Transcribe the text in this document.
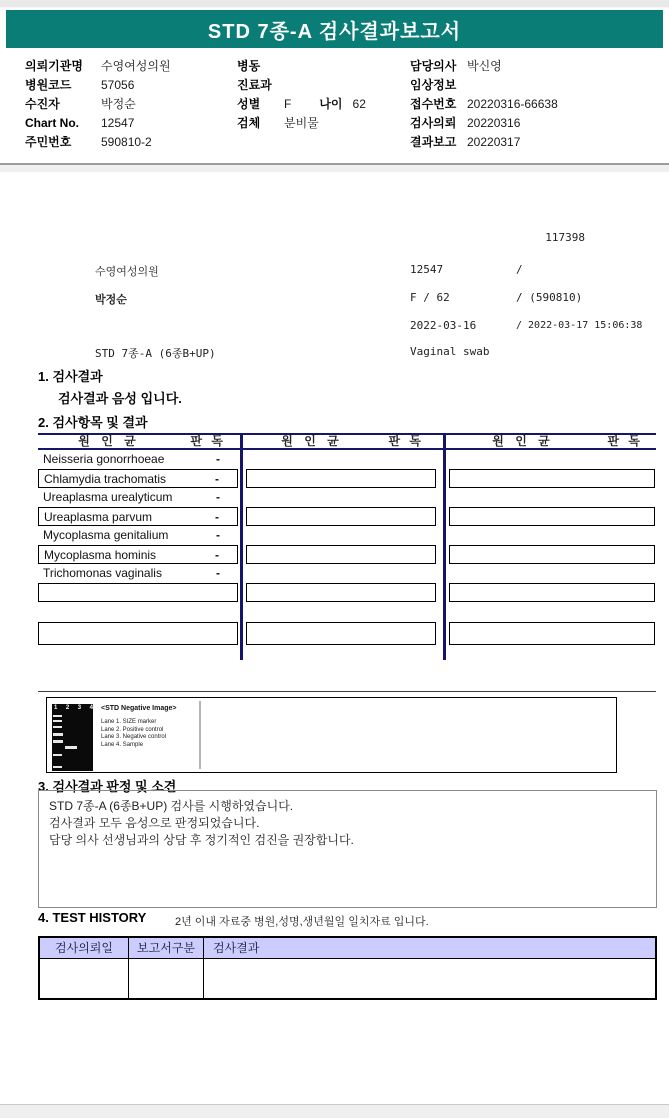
STD 7종-A 검사결과보고서
의뢰기관명 수영여성의원
병원코드 57056
수진자	박정순
Chart No. 12547
주민번호 590810-2
병동
진료과
성별 F 나이 62
검체 분비물
담당의사 박신영
임상정보
접수번호 20220316-66638
검사의뢰 20220316
결과보고 20220317
117398
수영여성의원	12547	/
박정순	F / 62	/ (590810)
2022-03-16	/ 2022-03-17 15:06:38
STD 7종-A (6종B+UP)	Vaginal swab
1. 검사결과
검사결과 음성 입니다.
2. 검사항목 및 결과
원 인 균	판 독
Neisseria gonorrhoeae	-
Chlamydia trachomatis	-
Ureaplasma urealyticum	-
Ureaplasma parvum	-
Mycoplasma genitalium	-
Mycoplasma hominis	-
Trichomonas vaginalis	-
원 인 균	판 독	원 인 균	판 독
1 2 3 4 <STD Negative Image>
Lane 1. SIZE marker
Lane 2. Positive control
Lane 3. Negative control
Lane 4. Sample
3. 검사결과 판정 및 소견
STD 7종-A (6종B+UP) 검사를 시행하였습니다.
검사결과 모두 음성으로 판정되었습니다.
담당 의사 선생님과의 상담 후 정기적인 검진을 권장합니다.
4. TEST HISTORY	2년 이내 자료중 병원,성명,생년월일 일치자료 입니다.
검사의뢰일	보고서구분	검사결과
